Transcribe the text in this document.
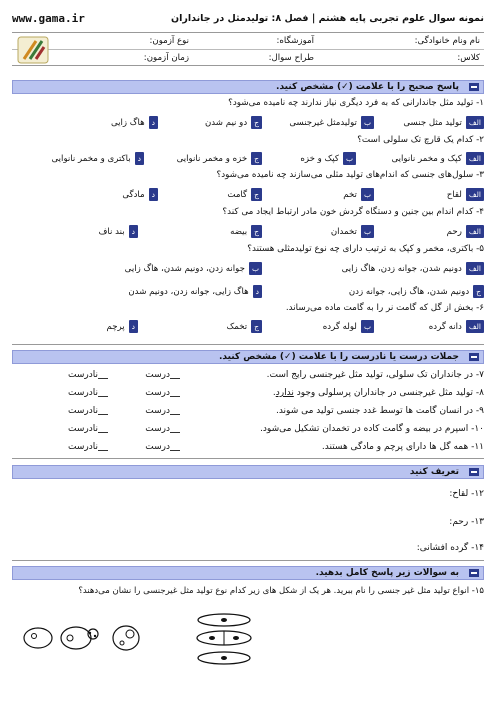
نمونه سوال علوم تجربی پایه هشتم | فصل ۸: تولیدمثل در جانداران
www.gama.ir
نام ونام خانوادگی:
آموزشگاه:
نوع آزمون:
کلاس:
طراح سوال:
زمان آزمون:
پاسخ صحیح را با علامت (✓) مشخص کنید.
۱- تولید مثل جاندارانی که به فرد دیگری نیاز ندارند چه نامیده می‌شود؟
الف
تولید مثل جنسی
ب
تولیدمثل غیرجنسی
ج
دو نیم شدن
د
هاگ زایی
۲- کدام یک قارچ تک سلولی است؟
الف
کپک و مخمر نانوایی
ب
کپک و خزه
ج
خزه و مخمر نانوایی
د
باکتری و مخمر نانوایی
۳- سلول‌های جنسی که اندام‌های تولید مثلی می‌سازند چه نامیده می‌شود؟
الف
لقاح
ب
تخم
ج
گامت
د
مادگی
۴- کدام اندام بین جنین و دستگاه گردش خون مادر ارتباط ایجاد می کند؟
الف
رحم
ب
تخمدان
ج
بیضه
د
بند ناف
۵- باکتری، مخمر و کپک به ترتیب دارای چه نوع تولیدمثلی هستند؟
الف
دونیم شدن، جوانه زدن، هاگ زایی
ب
جوانه زدن، دونیم شدن، هاگ زایی
ج
دونیم شدن، هاگ زایی، جوانه زدن
د
هاگ زایی، جوانه زدن، دونیم شدن
۶- بخش از گل که گامت نر را به گامت ماده می‌رساند.
الف
دانه گرده
ب
لوله گرده
ج
تخمک
د
پرچم
جملات درست یا نادرست را با علامت (✓) مشخص کنید.
۷- در جانداران تک سلولی، تولید مثل غیرجنسی رایج است.
درست
نادرست
۸- تولید مثل غیرجنسی در جانداران پرسلولی وجود ندارد.
درست
نادرست
۹- در انسان گامت ها توسط غدد جنسی تولید می شوند.
درست
نادرست
۱۰- اسپرم در بیضه و گامت کاده در تخمدان تشکیل می‌شود.
درست
نادرست
۱۱- همه گل ها دارای پرچم و مادگی هستند.
درست
نادرست
تعریف کنید
۱۲- لقاح:
۱۳- رحم:
۱۴- گرده افشانی:
به سوالات زیر پاسخ کامل بدهید.
۱۵- انواع تولید مثل غیر جنسی را نام ببرید. هر یک از شکل های زیر کدام نوع تولید مثل غیرجنسی را نشان می‌دهند؟
